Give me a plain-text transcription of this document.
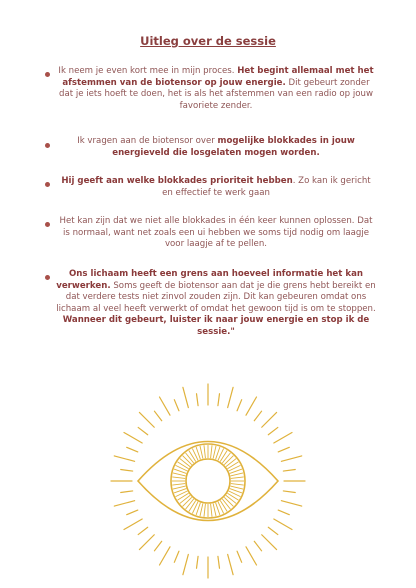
Uitleg over de sessie
Ik neem je even kort mee in mijn proces. Het begint allemaal met het afstemmen van de biotensor op jouw energie. Dit gebeurt zonder dat je iets hoeft te doen, het is als het afstemmen van een radio op jouw favoriete zender.
Ik vragen aan de biotensor over mogelijke blokkades in jouw energieveld die losgelaten mogen worden.
Hij geeft aan welke blokkades prioriteit hebben. Zo kan ik gericht en effectief te werk gaan
Het kan zijn dat we niet alle blokkades in één keer kunnen oplossen. Dat is normaal, want net zoals een ui hebben we soms tijd nodig om laagje voor laagje af te pellen.
Ons lichaam heeft een grens aan hoeveel informatie het kan verwerken. Soms geeft de biotensor aan dat je die grens hebt bereikt en dat verdere tests niet zinvol zouden zijn. Dit kan gebeuren omdat ons lichaam al veel heeft verwerkt of omdat het gewoon tijd is om te stoppen. Wanneer dit gebeurt, luister ik naar jouw energie en stop ik de sessie."
